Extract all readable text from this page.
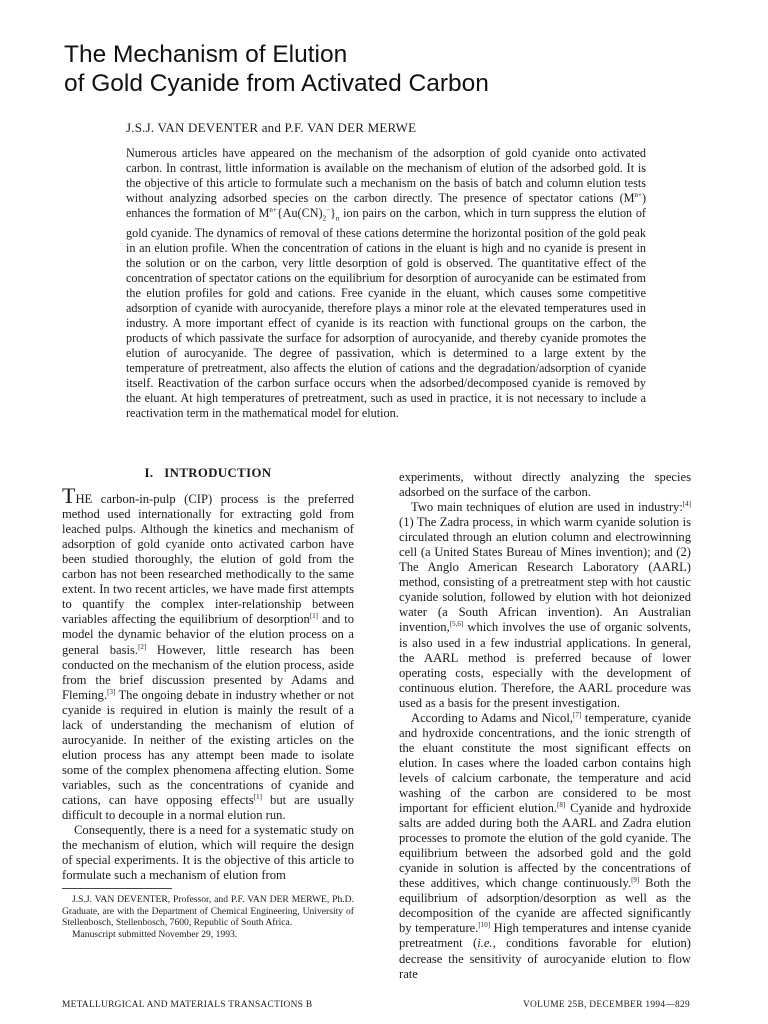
The Mechanism of Elution
of Gold Cyanide from Activated Carbon
J.S.J. VAN DEVENTER and P.F. VAN DER MERWE
Numerous articles have appeared on the mechanism of the adsorption of gold cyanide onto activated carbon. In contrast, little information is available on the mechanism of elution of the adsorbed gold. It is the objective of this article to formulate such a mechanism on the basis of batch and column elution tests without analyzing adsorbed species on the carbon directly. The presence of spectator cations $(M^{n+})$ enhances the formation of $M^{n+}\{Au(CN)_2^-\}_n$ ion pairs on the carbon, which in turn suppress the elution of gold cyanide. The dynamics of removal of these cations determine the horizontal position of the gold peak in an elution profile. When the concentration of cations in the eluant is high and no cyanide is present in the solution or on the carbon, very little desorption of gold is observed. The quantitative effect of the concentration of spectator cations on the equilibrium for desorption of aurocyanide can be estimated from the elution profiles for gold and cations. Free cyanide in the eluant, which causes some competitive adsorption of cyanide with aurocyanide, therefore plays a minor role at the elevated temperatures used in industry. A more important effect of cyanide is its reaction with functional groups on the carbon, the products of which passivate the surface for adsorption of aurocyanide, and thereby cyanide promotes the elution of aurocyanide. The degree of passivation, which is determined to a large extent by the temperature of pretreatment, also affects the elution of cations and the degradation/adsorption of cyanide itself. Reactivation of the carbon surface occurs when the adsorbed/decomposed cyanide is removed by the eluant. At high temperatures of pretreatment, such as used in practice, it is not necessary to include a reactivation term in the mathematical model for elution.
I. INTRODUCTION

THE carbon-in-pulp (CIP) process is the preferred method used internationally for extracting gold from leached pulps. Although the kinetics and mechanism of adsorption of gold cyanide onto activated carbon have been studied thoroughly, the elution of gold from the carbon has not been researched methodically to the same extent. In two recent articles, we have made first attempts to quantify the complex inter-relationship between variables affecting the equilibrium of desorption[1] and to model the dynamic behavior of the elution process on a general basis.[2] However, little research has been conducted on the mechanism of the elution process, aside from the brief discussion presented by Adams and Fleming.[3] The ongoing debate in industry whether or not cyanide is required in elution is mainly the result of a lack of understanding the mechanism of elution of aurocyanide. In neither of the existing articles on the elution process has any attempt been made to isolate some of the complex phenomena affecting elution. Some variables, such as the concentrations of cyanide and cations, can have opposing effects[1] but are usually difficult to decouple in a normal elution run.

Consequently, there is a need for a systematic study on the mechanism of elution, which will require the design of special experiments. It is the objective of this article to formulate such a mechanism of elution from

J.S.J. VAN DEVENTER, Professor, and P.F. VAN DER MERWE, Ph.D. Graduate, are with the Department of Chemical Engineering, University of Stellenbosch, Stellenbosch, 7600, Republic of South Africa.

Manuscript submitted November 29, 1993.

experiments, without directly analyzing the species adsorbed on the surface of the carbon.

Two main techniques of elution are used in industry:[4] (1) The Zadra process, in which warm cyanide solution is circulated through an elution column and electrowinning cell (a United States Bureau of Mines invention); and (2) The Anglo American Research Laboratory (AARL) method, consisting of a pretreatment step with hot caustic cyanide solution, followed by elution with hot deionized water (a South African invention). An Australian invention,[5,6] which involves the use of organic solvents, is also used in a few industrial applications. In general, the AARL method is preferred because of lower operating costs, especially with the development of continuous elution. Therefore, the AARL procedure was used as a basis for the present investigation.

According to Adams and Nicol,[7] temperature, cyanide and hydroxide concentrations, and the ionic strength of the eluant constitute the most significant effects on elution. In cases where the loaded carbon contains high levels of calcium carbonate, the temperature and acid washing of the carbon are considered to be most important for efficient elution.[8] Cyanide and hydroxide salts are added during both the AARL and Zadra elution processes to promote the elution of the gold cyanide. The equilibrium between the adsorbed gold and the gold cyanide in solution is affected by the concentrations of these additives, which change continuously.[9] Both the equilibrium of adsorption/desorption as well as the decomposition of the cyanide are affected significantly by temperature.[10] High temperatures and intense cyanide pretreatment (i.e., conditions favorable for elution) decrease the sensitivity of aurocyanide elution to flow rate

METALLURGICAL AND MATERIALS TRANSACTIONS B	VOLUME 25B, DECEMBER 1994—829
